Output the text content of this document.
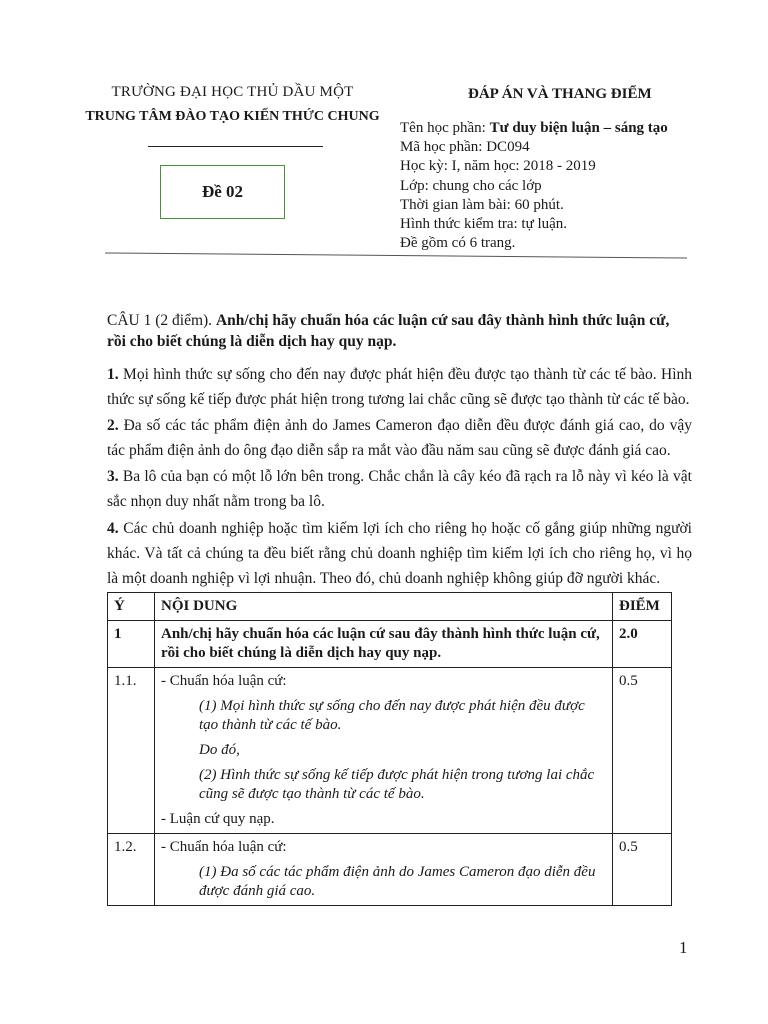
TRƯỜNG ĐẠI HỌC THỦ DẦU MỘT
TRUNG TÂM ĐÀO TẠO KIẾN THỨC CHUNG
Đề 02
ĐÁP ÁN VÀ THANG ĐIỂM
Tên học phần: Tư duy biện luận – sáng tạo
Mã học phần: DC094
Học kỳ: I, năm học: 2018 - 2019
Lớp: chung cho các lớp
Thời gian làm bài: 60 phút.
Hình thức kiểm tra: tự luận.
Đề gồm có 6 trang.
CÂU 1 (2 điểm). Anh/chị hãy chuẩn hóa các luận cứ sau đây thành hình thức luận cứ, rồi cho biết chúng là diễn dịch hay quy nạp.
1. Mọi hình thức sự sống cho đến nay được phát hiện đều được tạo thành từ các tế bào. Hình thức sự sống kế tiếp được phát hiện trong tương lai chắc cũng sẽ được tạo thành từ các tế bào.
2. Đa số các tác phẩm điện ảnh do James Cameron đạo diễn đều được đánh giá cao, do vậy tác phẩm điện ảnh do ông đạo diễn sắp ra mắt vào đầu năm sau cũng sẽ được đánh giá cao.
3. Ba lô của bạn có một lỗ lớn bên trong. Chắc chắn là cây kéo đã rạch ra lỗ này vì kéo là vật sắc nhọn duy nhất nằm trong ba lô.
4. Các chủ doanh nghiệp hoặc tìm kiếm lợi ích cho riêng họ hoặc cố gắng giúp những người khác. Và tất cả chúng ta đều biết rằng chủ doanh nghiệp tìm kiếm lợi ích cho riêng họ, vì họ là một doanh nghiệp vì lợi nhuận. Theo đó, chủ doanh nghiệp không giúp đỡ người khác.
Ý	NỘI DUNG	ĐIỂM
1	Anh/chị hãy chuẩn hóa các luận cứ sau đây thành hình thức luận cứ, rồi cho biết chúng là diễn dịch hay quy nạp.	2.0
1.1.	- Chuẩn hóa luận cứ:
(1) Mọi hình thức sự sống cho đến nay được phát hiện đều được tạo thành từ các tế bào.
Do đó,
(2) Hình thức sự sống kế tiếp được phát hiện trong tương lai chắc cũng sẽ được tạo thành từ các tế bào.
- Luận cứ quy nạp.	0.5
1.2.	- Chuẩn hóa luận cứ:
(1) Đa số các tác phẩm điện ảnh do James Cameron đạo diễn đều được đánh giá cao.	0.5
1
